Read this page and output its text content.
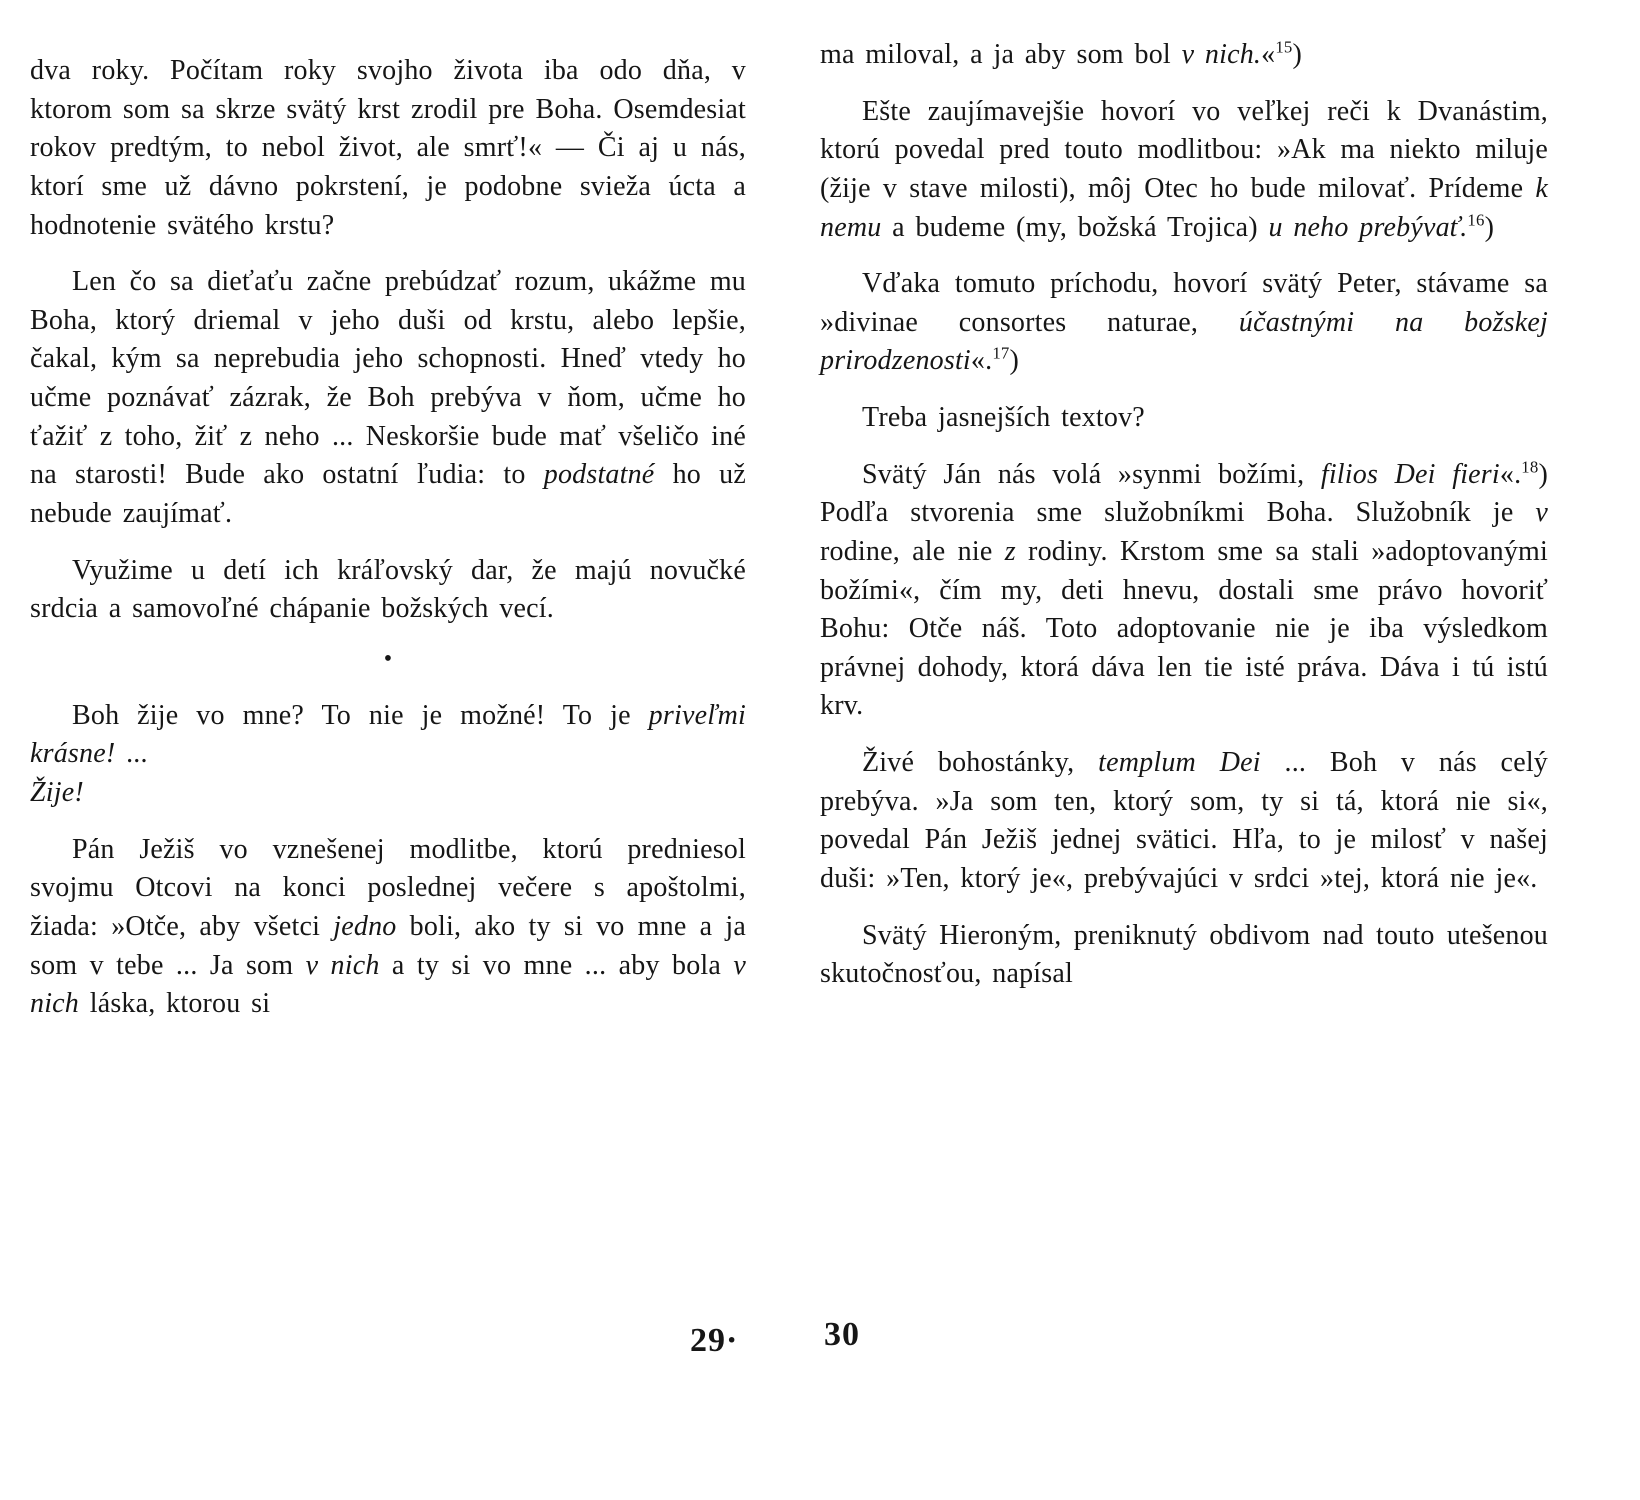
dva roky. Počítam roky svojho života iba odo dňa, v ktorom som sa skrze svätý krst zrodil pre Boha. Osemdesiat rokov predtým, to nebol život, ale smrť!« — Či aj u nás, ktorí sme už dávno pokrstení, je podobne svieža úcta a hodnotenie svätého krstu?

Len čo sa dieťaťu začne prebúdzať rozum, ukážme mu Boha, ktorý driemal v jeho duši od krstu, alebo lepšie, čakal, kým sa neprebudia jeho schopnosti. Hneď vtedy ho učme poznávať zázrak, že Boh prebýva v ňom, učme ho ťažiť z toho, žiť z neho ... Neskoršie bude mať všeličo iné na starosti! Bude ako ostatní ľudia: to podstatné ho už nebude zaujímať.

Využime u detí ich kráľovský dar, že majú novučké srdcia a samovoľné chápanie božských vecí.

•

Boh žije vo mne? To nie je možné! To je priveľmi krásne! ...

Žije!

Pán Ježiš vo vznešenej modlitbe, ktorú predniesol svojmu Otcovi na konci poslednej večere s apoštolmi, žiada: »Otče, aby všetci jedno boli, ako ty si vo mne a ja som v tebe ... Ja som v nich a ty si vo mne ... aby bola v nich láska, ktorou si

ma miloval, a ja aby som bol v nich.«$^{15}$)

Ešte zaujímavejšie hovorí vo veľkej reči k Dvanástim, ktorú povedal pred touto modlitbou: »Ak ma niekto miluje (žije v stave milosti), môj Otec ho bude milovať. Prídeme k nemu a budeme (my, božská Trojica) u neho prebývať.$^{16}$)

Vďaka tomuto príchodu, hovorí svätý Peter, stávame sa »divinae consortes naturae, účastnými na božskej prirodzenosti«.$^{17}$)

Treba jasnejších textov?

Svätý Ján nás volá »synmi božími, filios Dei fieri«.$^{18}$) Podľa stvorenia sme služobníkmi Boha. Služobník je v rodine, ale nie z rodiny. Krstom sme sa stali »adoptovanými božími«, čím my, deti hnevu, dostali sme právo hovoriť Bohu: Otče náš. Toto adoptovanie nie je iba výsledkom právnej dohody, ktorá dáva len tie isté práva. Dáva i tú istú krv.

Živé bohostánky, templum Dei ... Boh v nás celý prebýva. »Ja som ten, ktorý som, ty si tá, ktorá nie si«, povedal Pán Ježiš jednej svätici. Hľa, to je milosť v našej duši: »Ten, ktorý je«, prebývajúci v srdci »tej, ktorá nie je«.

Svätý Hieroným, preniknutý obdivom nad touto utešenou skutočnosťou, napísal

29·	30
